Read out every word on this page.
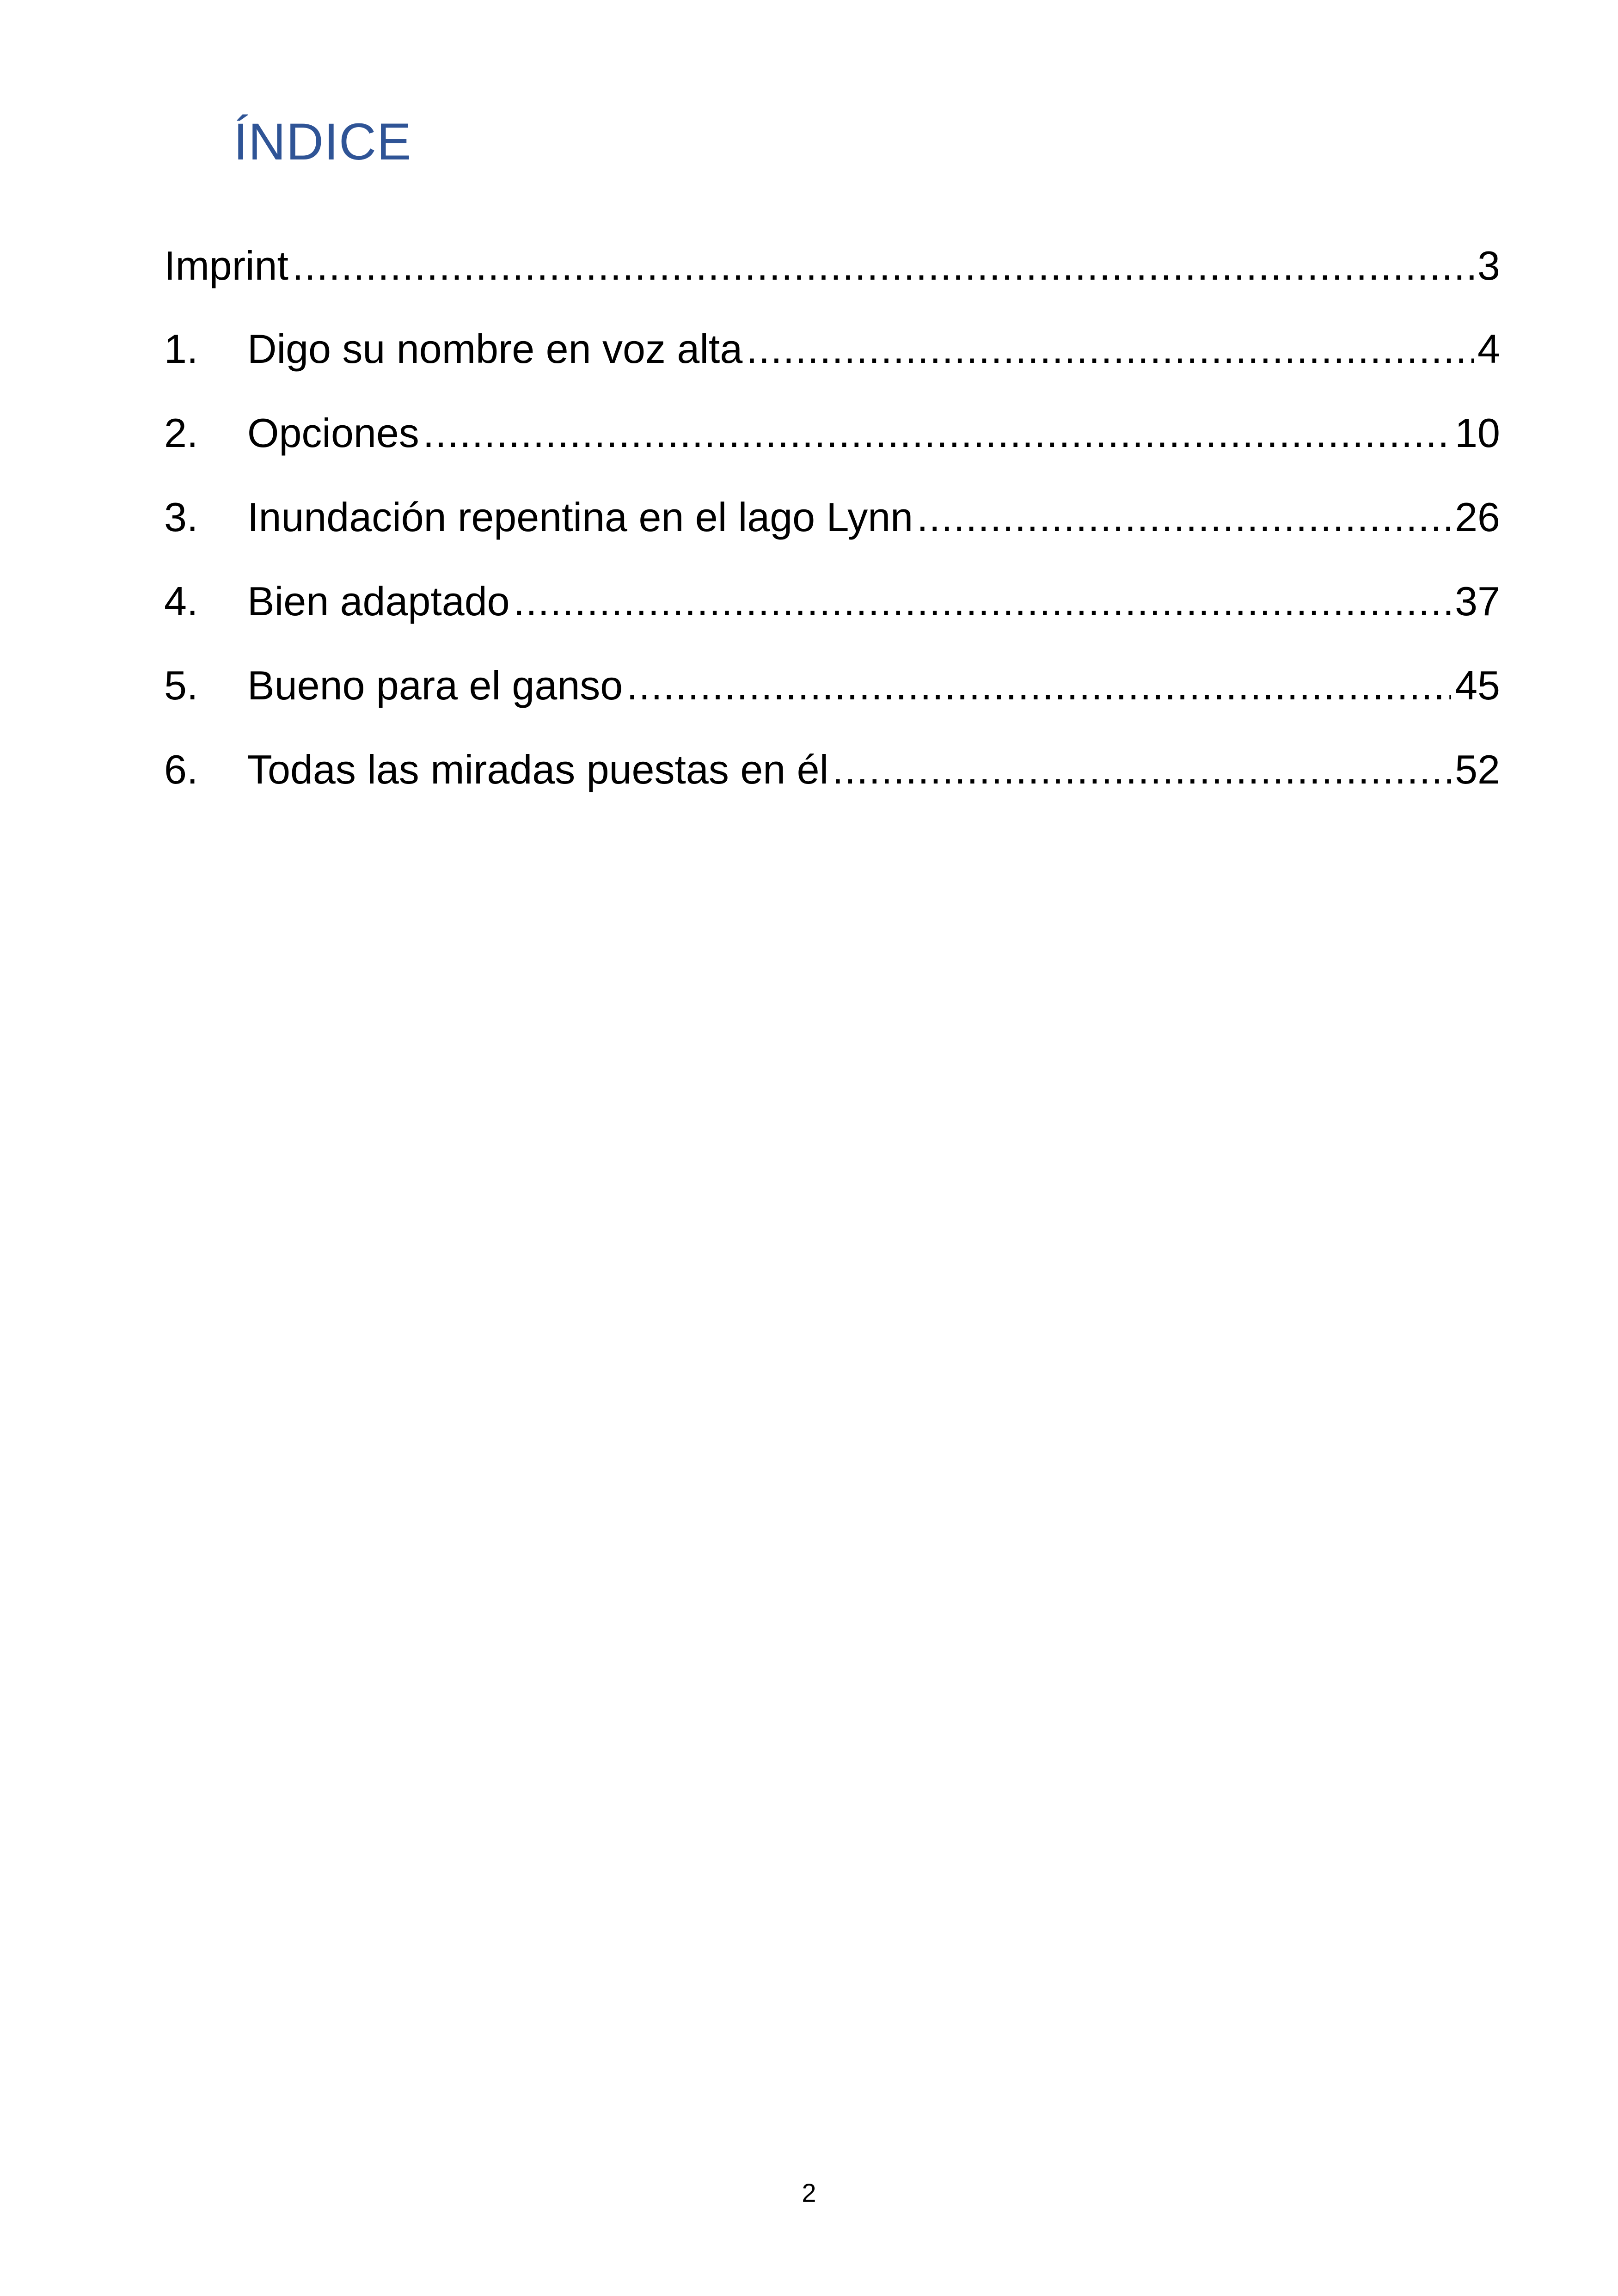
ÍNDICE
Imprint .....	3
1.	Digo su nombre en voz alta .....	4
2.	Opciones .....	10
3.	Inundación repentina en el lago Lynn .....	26
4.	Bien adaptado .....	37
5.	Bueno para el ganso .....	45
6.	Todas las miradas puestas en él .....	52
2
